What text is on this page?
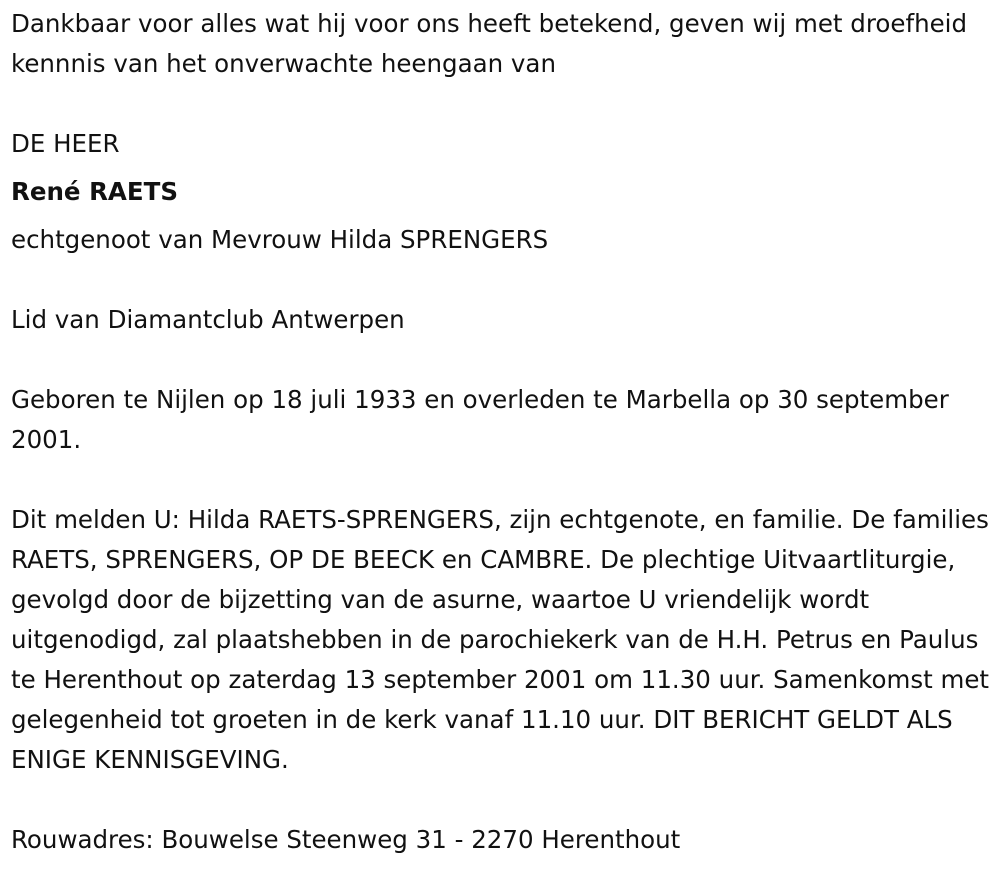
Dankbaar voor alles wat hij voor ons heeft betekend, geven wij met droefheid kennnis van het onverwachte heengaan van

DE HEER

René RAETS

echtgenoot van Mevrouw Hilda SPRENGERS

Lid van Diamantclub Antwerpen

Geboren te Nijlen op 18 juli 1933 en overleden te Marbella op 30 september 2001.

Dit melden U: Hilda RAETS-SPRENGERS, zijn echtgenote, en familie. De families RAETS, SPRENGERS, OP DE BEECK en CAMBRE. De plechtige Uitvaartliturgie, gevolgd door de bijzetting van de asurne, waartoe U vriendelijk wordt uitgenodigd, zal plaatshebben in de parochiekerk van de H.H. Petrus en Paulus te Herenthout op zaterdag 13 september 2001 om 11.30 uur. Samenkomst met gelegenheid tot groeten in de kerk vanaf 11.10 uur. DIT BERICHT GELDT ALS ENIGE KENNISGEVING.

Rouwadres: Bouwelse Steenweg 31 - 2270 Herenthout
